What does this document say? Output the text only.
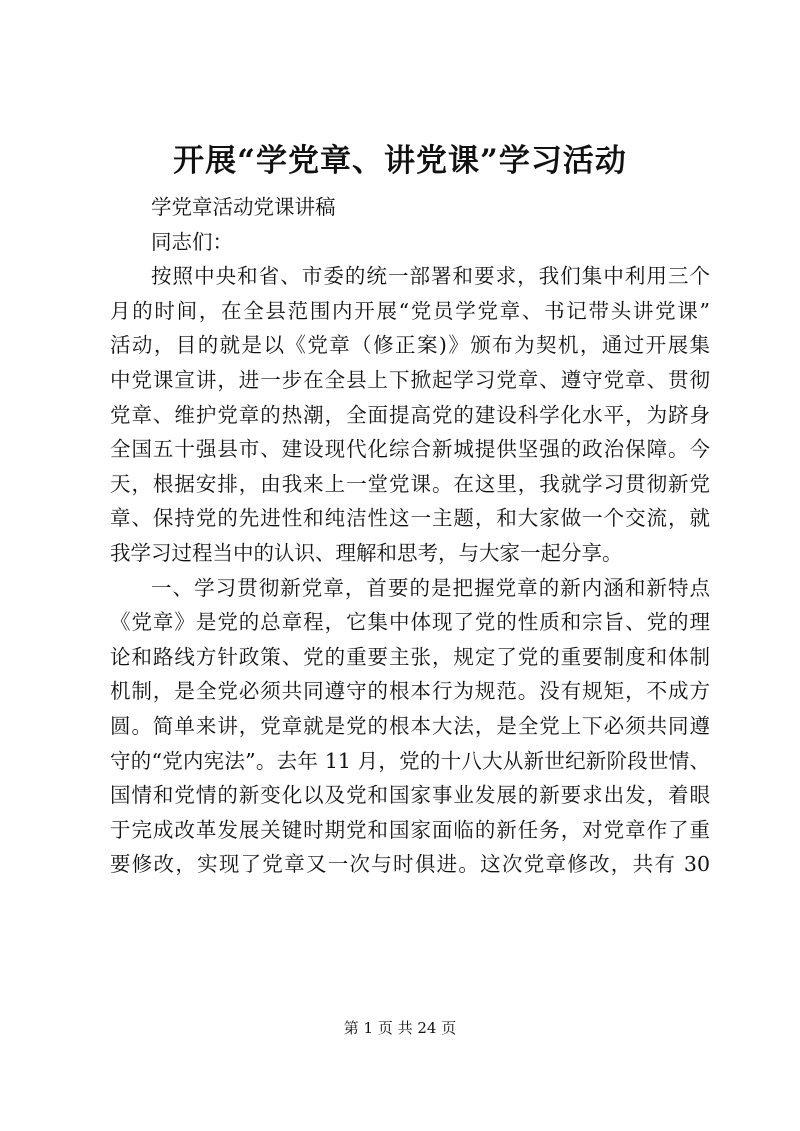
开展“学党章、讲党课”学习活动
学党章活动党课讲稿
同志们：
按照中央和省、市委的统一部署和要求，我们集中利用三个
月的时间，在全县范围内开展“党员学党章、书记带头讲党课”
活动，目的就是以《党章（修正案)》颁布为契机，通过开展集
中党课宣讲，进一步在全县上下掀起学习党章、遵守党章、贯彻
党章、维护党章的热潮，全面提高党的建设科学化水平，为跻身
全国五十强县市、建设现代化综合新城提供坚强的政治保障。今
天，根据安排，由我来上一堂党课。在这里，我就学习贯彻新党
章、保持党的先进性和纯洁性这一主题，和大家做一个交流，就
我学习过程当中的认识、理解和思考，与大家一起分享。
一、学习贯彻新党章，首要的是把握党章的新内涵和新特点
《党章》是党的总章程，它集中体现了党的性质和宗旨、党的理
论和路线方针政策、党的重要主张，规定了党的重要制度和体制
机制，是全党必须共同遵守的根本行为规范。没有规矩，不成方
圆。简单来讲，党章就是党的根本大法，是全党上下必须共同遵
守的“党内宪法”。去年 11 月，党的十八大从新世纪新阶段世情、
国情和党情的新变化以及党和国家事业发展的新要求出发，着眼
于完成改革发展关键时期党和国家面临的新任务，对党章作了重
要修改，实现了党章又一次与时俱进。这次党章修改，共有 30
第 1 页 共 24 页
